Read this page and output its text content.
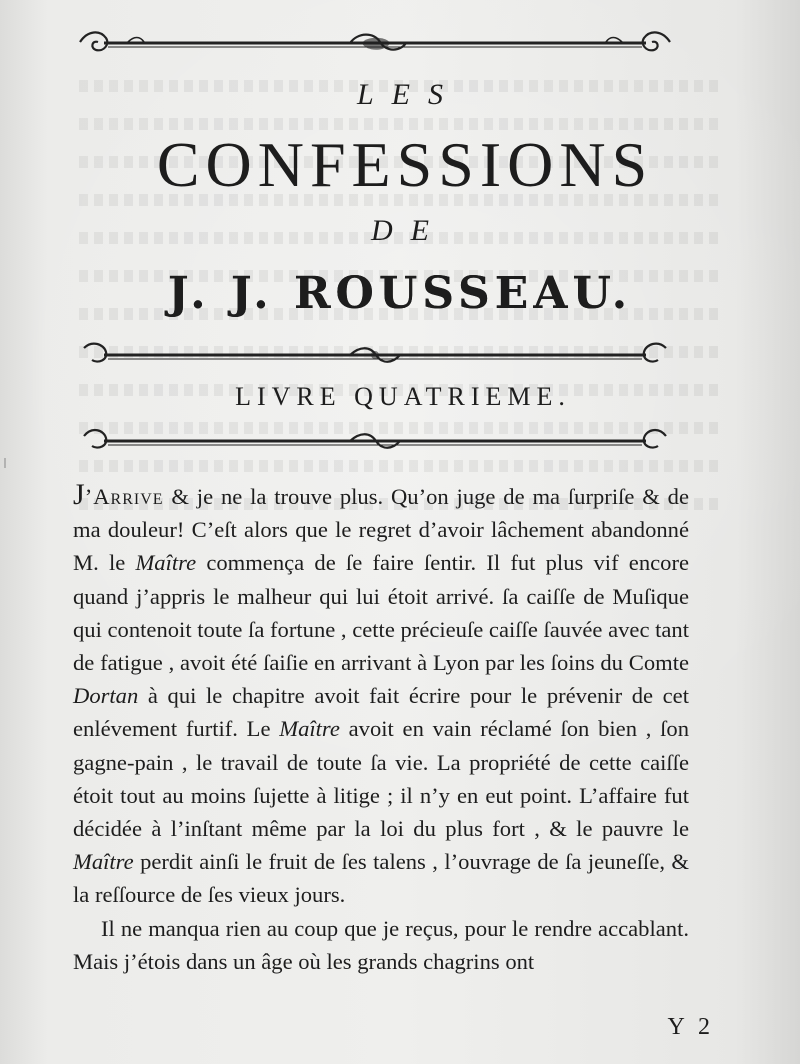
LES
CONFESSIONS
DE
J. J. ROUSSEAU.
LIVRE QUATRIEME.

J’Arrive & je ne la trouve plus. Qu’on juge de ma ſurpriſe & de ma douleur! C’eſt alors que le regret d’avoir lâchement abandonné M. le Maître commença de ſe faire ſentir. Il fut plus vif encore quand j’appris le malheur qui lui étoit arrivé. ſa caiſſe de Muſique qui contenoit toute ſa fortune , cette précieuſe caiſſe ſauvée avec tant de fatigue , avoit été ſaiſie en arrivant à Lyon par les ſoins du Comte Dortan à qui le chapitre avoit fait écrire pour le prévenir de cet enlévement furtif. Le Maître avoit en vain réclamé ſon bien , ſon gagne-pain , le travail de toute ſa vie. La propriété de cette caiſſe étoit tout au moins ſujette à litige ; il n’y en eut point. L’affaire fut décidée à l’inſtant même par la loi du plus fort , & le pauvre le Maître perdit ainſi le fruit de ſes talens , l’ouvrage de ſa jeuneſſe, & la reſſource de ſes vieux jours.

Il ne manqua rien au coup que je reçus, pour le rendre accablant. Mais j’étois dans un âge où les grands chagrins ont

Y 2
